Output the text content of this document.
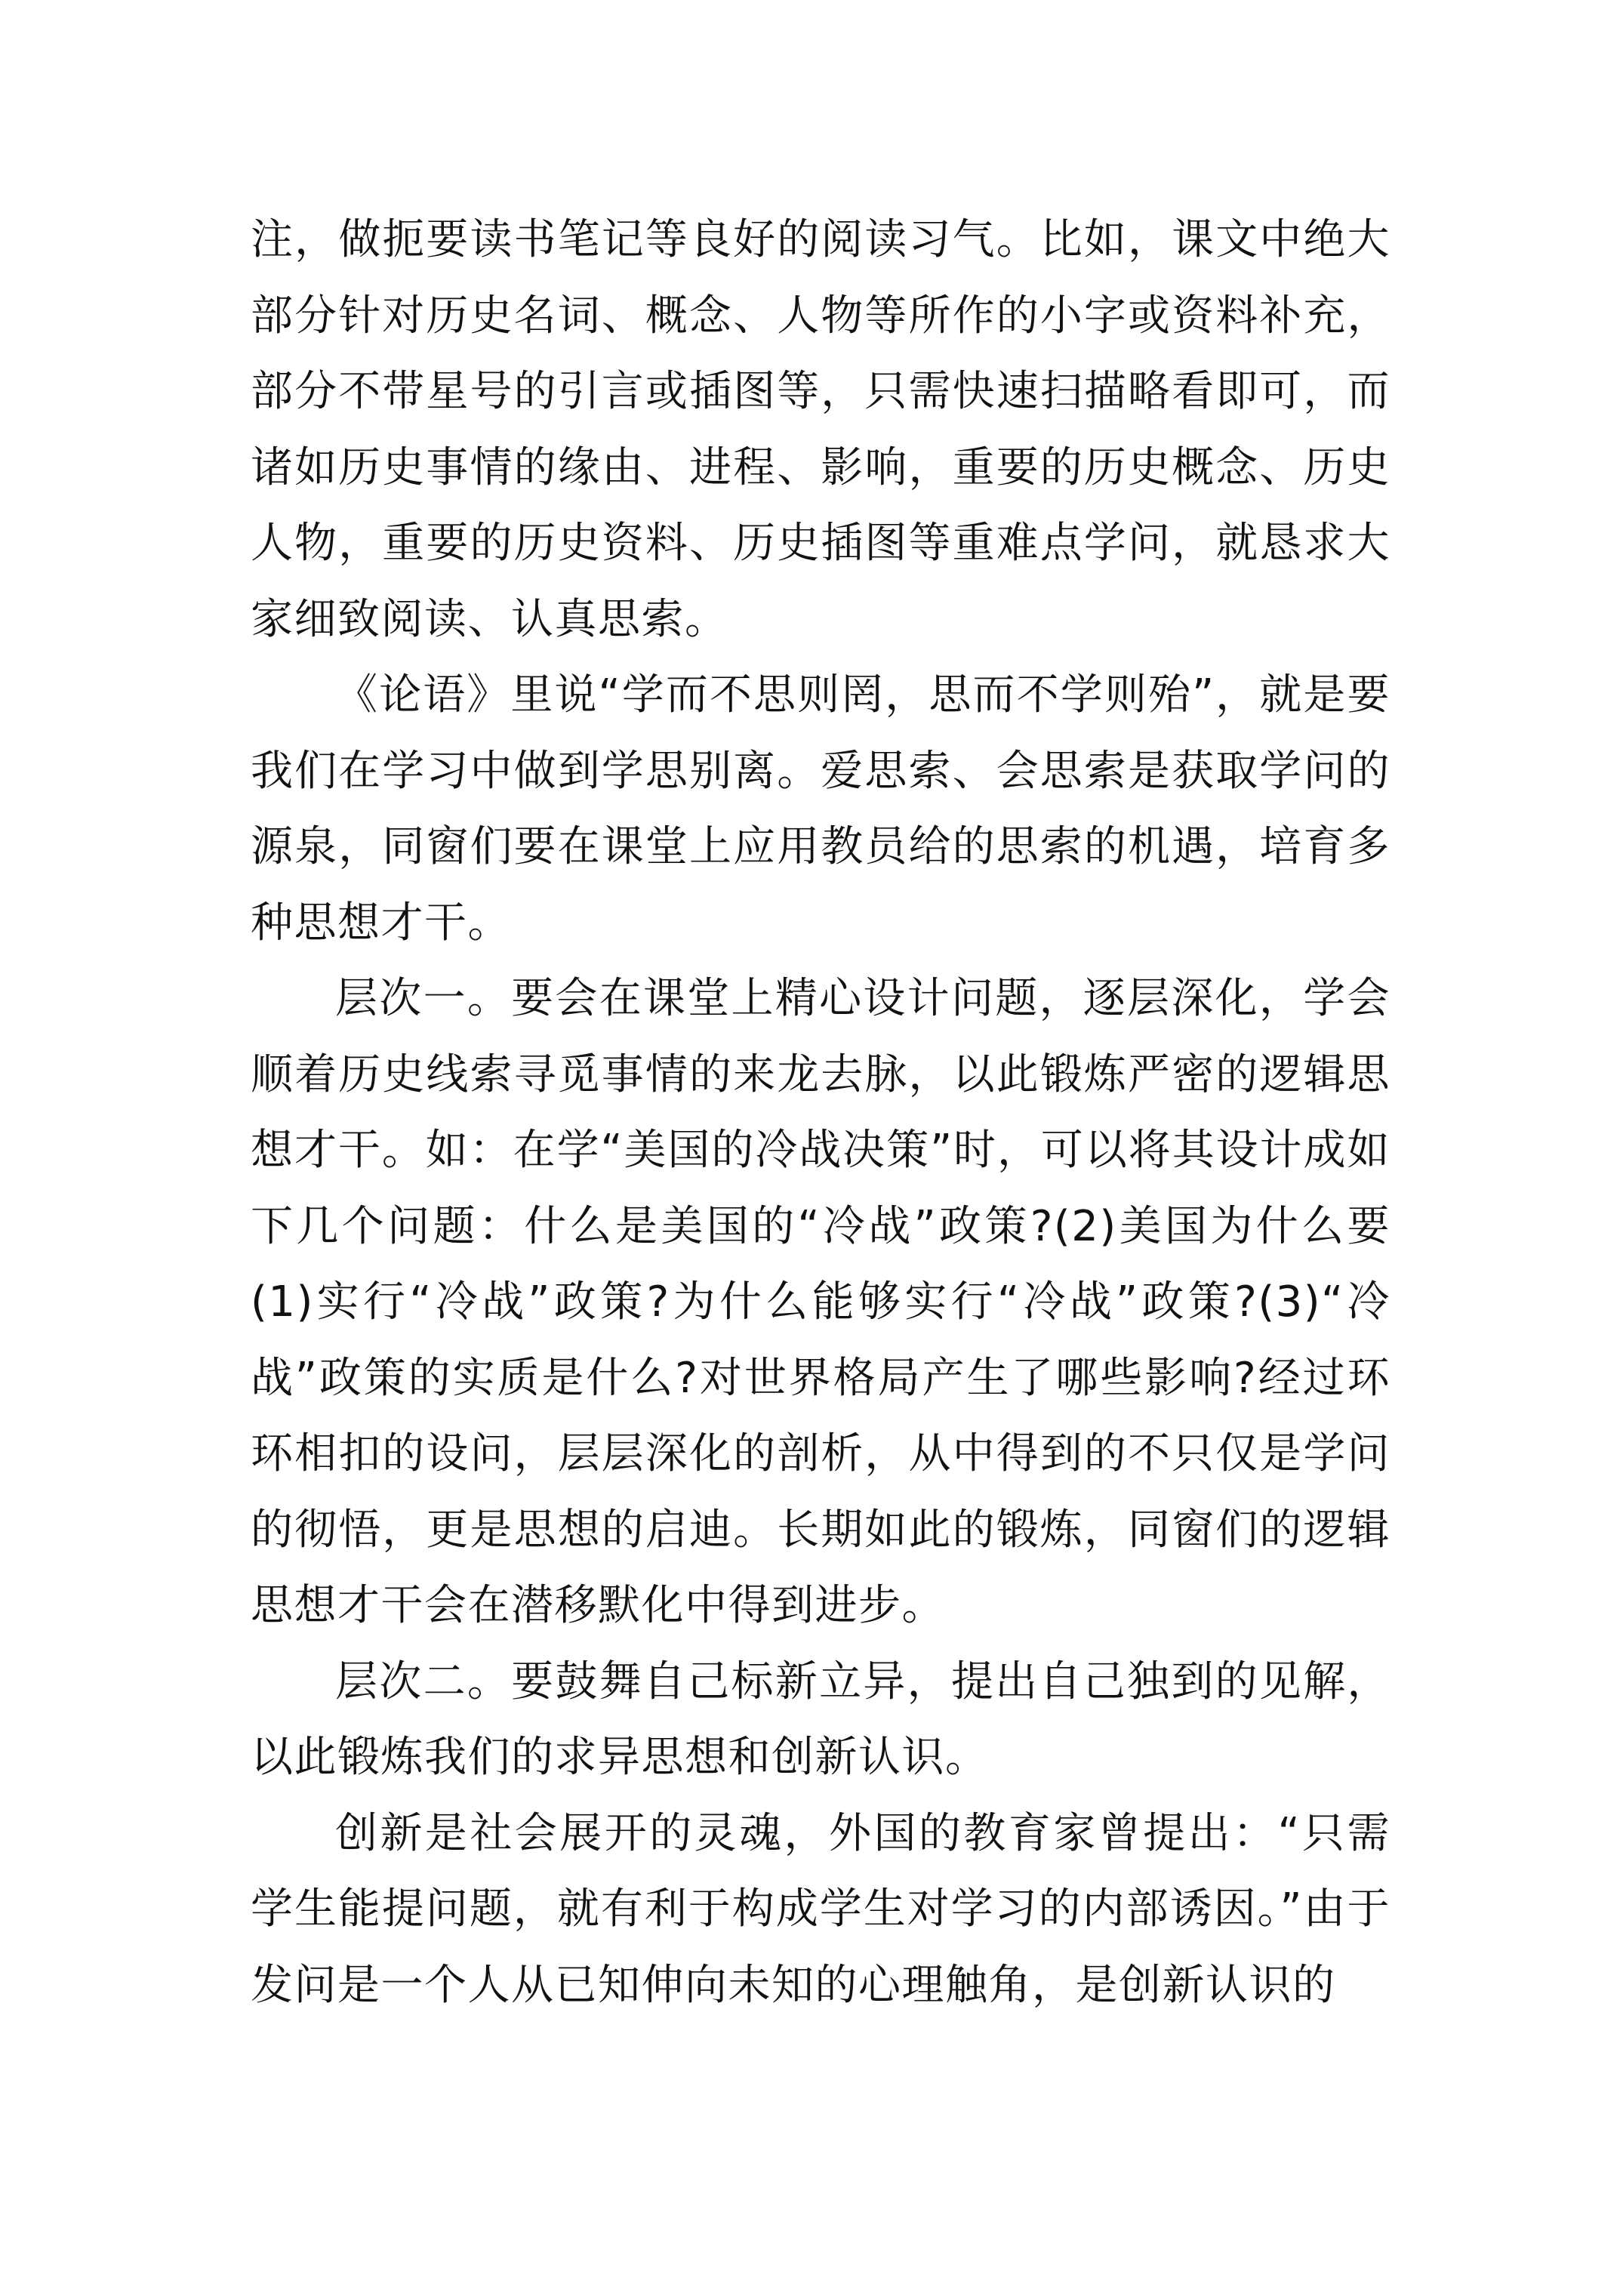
注，做扼要读书笔记等良好的阅读习气。比如，课文中绝大部分针对历史名词、概念、人物等所作的小字或资料补充，部分不带星号的引言或插图等，只需快速扫描略看即可，而诸如历史事情的缘由、进程、影响，重要的历史概念、历史人物，重要的历史资料、历史插图等重难点学问，就恳求大家细致阅读、认真思索。

《论语》里说“学而不思则罔，思而不学则殆”，就是要我们在学习中做到学思别离。爱思索、会思索是获取学问的源泉，同窗们要在课堂上应用教员给的思索的机遇，培育多种思想才干。

层次一。要会在课堂上精心设计问题，逐层深化，学会顺着历史线索寻觅事情的来龙去脉，以此锻炼严密的逻辑思想才干。如：在学“美国的冷战决策”时，可以将其设计成如下几个问题：什么是美国的“冷战”政策?(2)美国为什么要(1)实行“冷战”政策?为什么能够实行“冷战”政策?(3)“冷战”政策的实质是什么?对世界格局产生了哪些影响?经过环环相扣的设问，层层深化的剖析，从中得到的不只仅是学问的彻悟，更是思想的启迪。长期如此的锻炼，同窗们的逻辑思想才干会在潜移默化中得到进步。

层次二。要鼓舞自己标新立异，提出自己独到的见解，以此锻炼我们的求异思想和创新认识。

创新是社会展开的灵魂，外国的教育家曾提出：“只需学生能提问题，就有利于构成学生对学习的内部诱因。”由于发问是一个人从已知伸向未知的心理触角，是创新认识的
